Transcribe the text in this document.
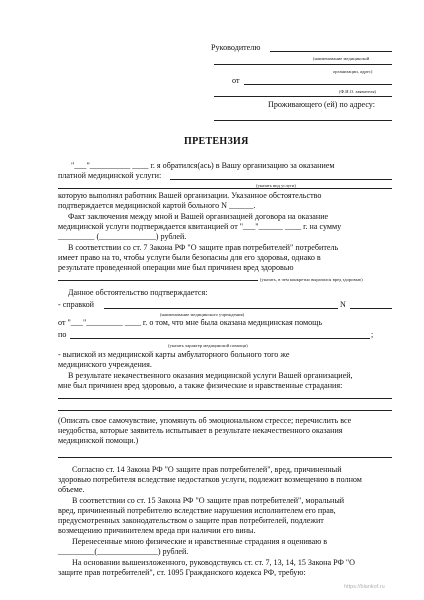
Руководителю
(наименование медицинской
организации, адрес)
от
(Ф.И.О. заявителя)
Проживающего (ей) по адресу:
ПРЕТЕНЗИЯ
"___"__________ ____ г. я обратился(ась) в Вашу организацию за оказанием
платной медицинской услуги:
(указать вид услуги)
которую выполнял работник Вашей организации. Указанное обстоятельство
подтверждается медицинской картой больного N ______.
Факт заключения между мной и Вашей организацией договора на оказание
медицинской услуги подтверждается квитанцией от "___"______ ____ г. на сумму
_________ (______________) рублей.
В соответствии со ст. 7 Закона РФ "О защите прав потребителей" потребитель
имеет право на то, чтобы услуги были безопасны для его здоровья, однако в
результате проведенной операции мне был причинен вред здоровью
(указать, в чем конкретно выразился вред здоровью)
Данное обстоятельство подтверждается:
- справкой	N
(наименование медицинского учреждения)
от "___"_________ ____ г. о том, что мне была оказана медицинская помощь
по	;
(указать характер медицинской помощи)
- выпиской из медицинской карты амбулаторного больного того же
медицинского учреждения.
В результате некачественного оказания медицинской услуги Вашей организацией,
мне был причинен вред здоровью, а также физические и нравственные страдания:
(Описать свое самочувствие, упомянуть об эмоциональном стрессе; перечислить все
неудобства, которые заявитель испытывает в результате некачественного оказания
медицинской помощи.)
Согласно ст. 14 Закона РФ "О защите прав потребителей", вред, причиненный
здоровью потребителя вследствие недостатков услуги, подлежит возмещению в полном
объеме.
В соответствии со ст. 15 Закона РФ "О защите прав потребителей", моральный
вред, причиненный потребителю вследствие нарушения исполнителем его прав,
предусмотренных законодательством о защите прав потребителей, подлежит
возмещению причинителем вреда при наличии его вины.
Перенесенные мною физические и нравственные страдания я оцениваю в
_________(_______________) рублей.
На основании вышеизложенного, руководствуясь ст. ст. 7, 13, 14, 15 Закона РФ "О
защите прав потребителей", ст. 1095 Гражданского кодекса РФ, требую:
https://blankof.ru
